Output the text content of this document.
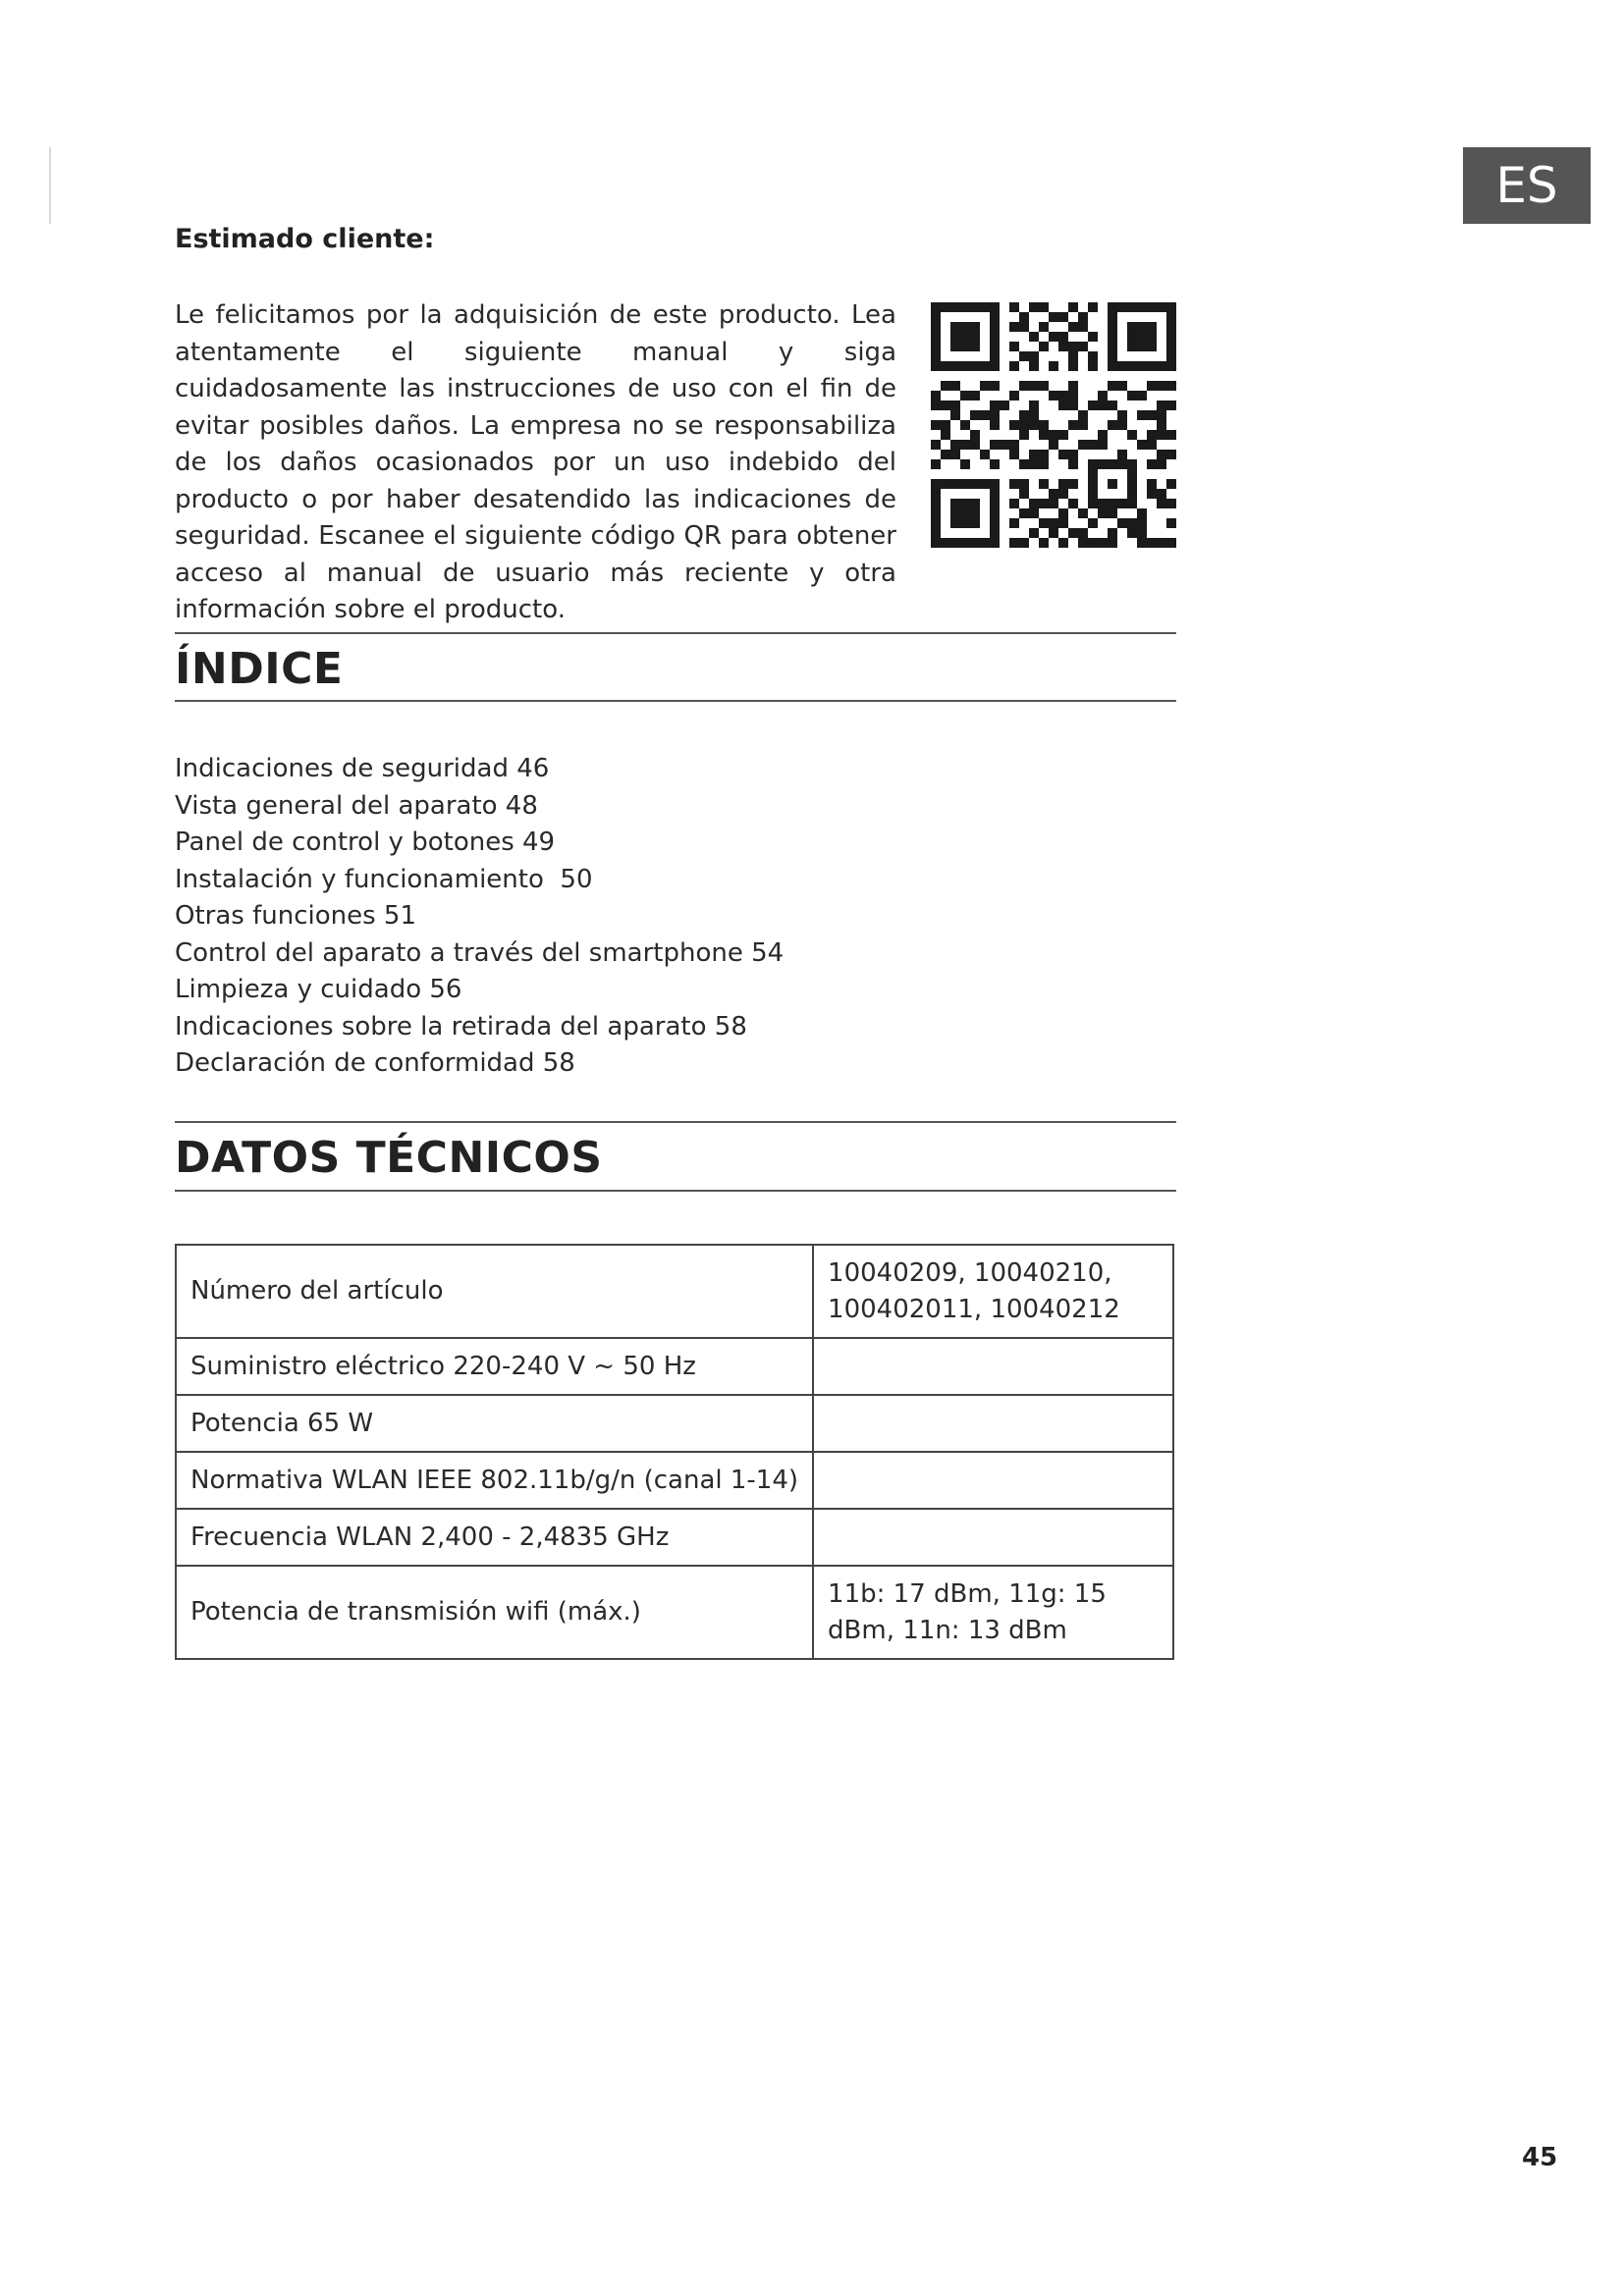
ES
Estimado cliente:
Le felicitamos por la adquisición de este producto. Lea atentamente el siguiente manual y siga cuidadosamente las instrucciones de uso con el fin de evitar posibles daños. La empresa no se responsabiliza de los daños ocasionados por un uso indebido del producto o por haber desatendido las indicaciones de seguridad. Escanee el siguiente código QR para obtener acceso al manual de usuario más reciente y otra información sobre el producto.
ÍNDICE
Indicaciones de seguridad 46
Vista general del aparato 48
Panel de control y botones 49
Instalación y funcionamiento  50
Otras funciones 51
Control del aparato a través del smartphone 54
Limpieza y cuidado 56
Indicaciones sobre la retirada del aparato 58
Declaración de conformidad 58
DATOS TÉCNICOS
Número del artículo	10040209, 10040210, 100402011, 10040212
Suministro eléctrico 220-240 V ~ 50 Hz	
Potencia 65 W	
Normativa WLAN IEEE 802.11b/g/n (canal 1-14)	
Frecuencia WLAN 2,400 - 2,4835 GHz	
Potencia de transmisión wifi (máx.)	11b: 17 dBm, 11g: 15 dBm, 11n: 13 dBm
45
